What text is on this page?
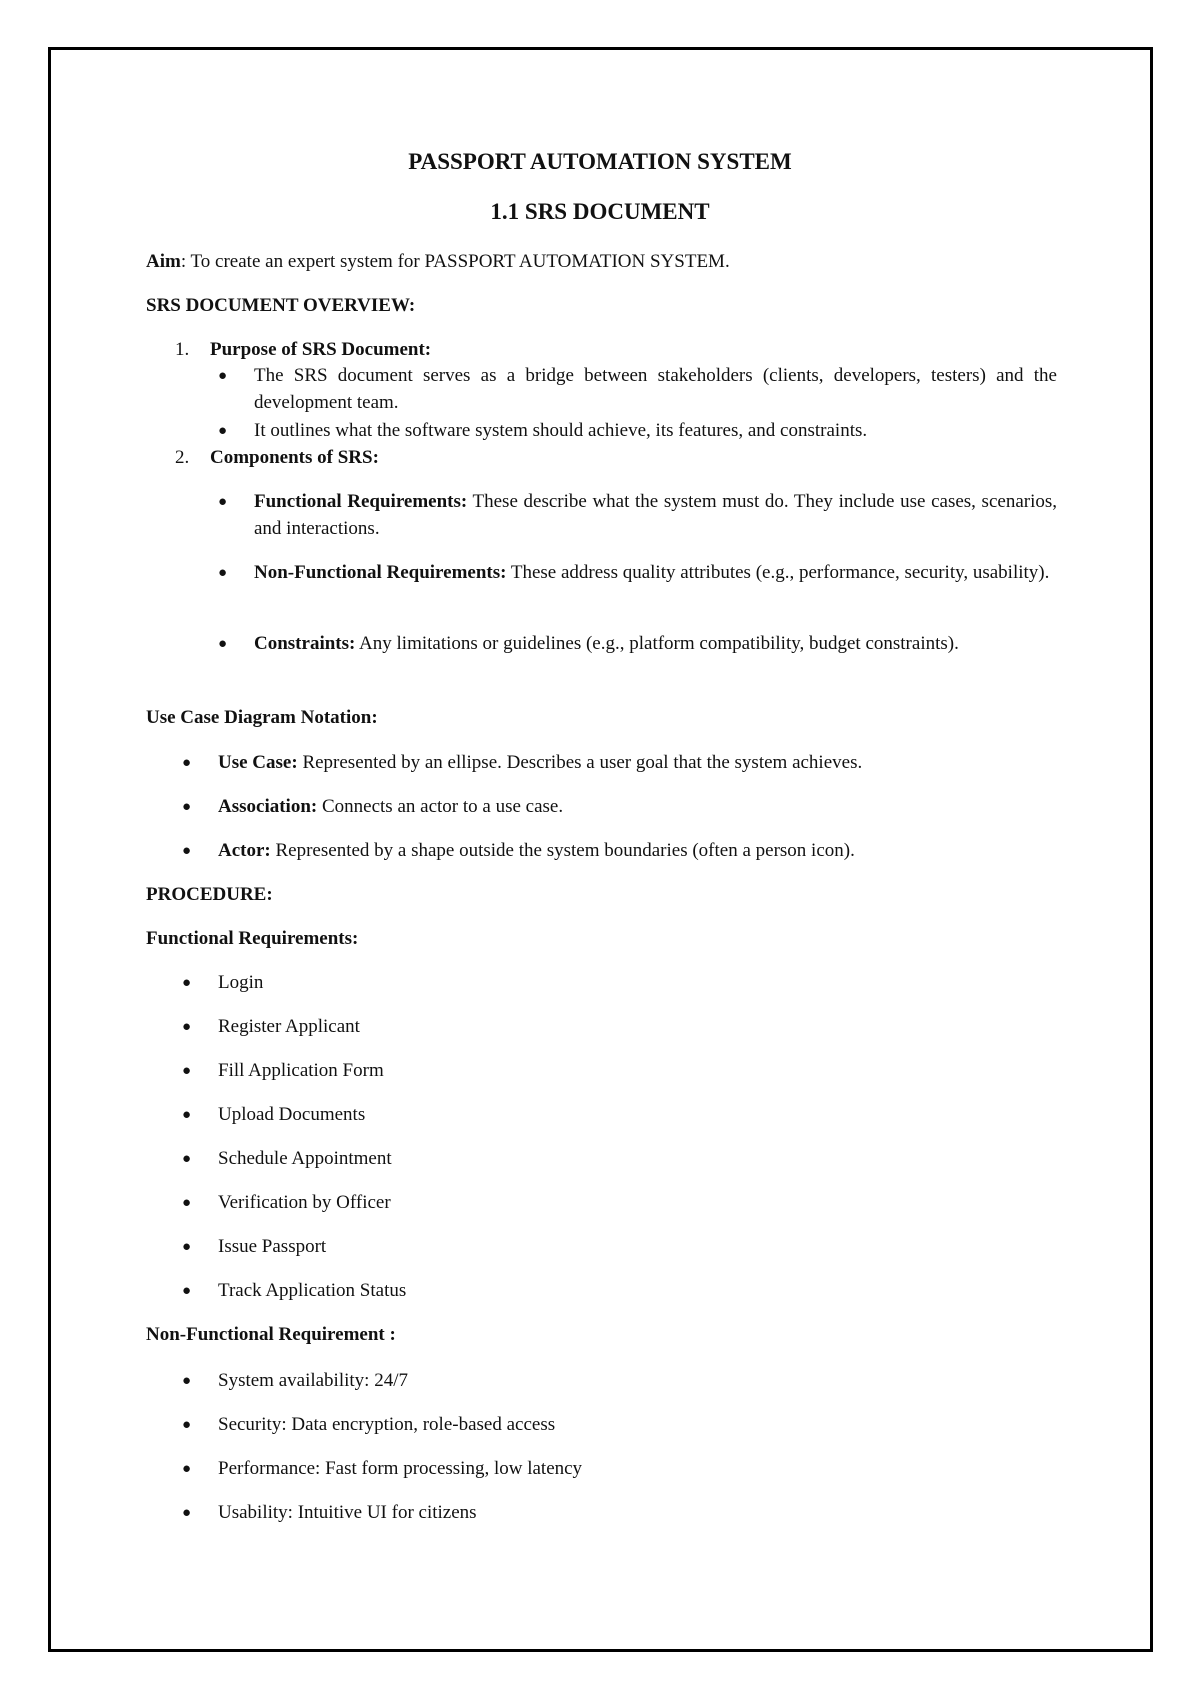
PASSPORT AUTOMATION SYSTEM
1.1 SRS DOCUMENT
Aim: To create an expert system for PASSPORT AUTOMATION SYSTEM.
SRS DOCUMENT OVERVIEW:
1. Purpose of SRS Document:
● The SRS document serves as a bridge between stakeholders (clients, developers, testers) and the development team.
● It outlines what the software system should achieve, its features, and constraints.
2. Components of SRS:
● Functional Requirements: These describe what the system must do. They include use cases, scenarios, and interactions.
● Non-Functional Requirements: These address quality attributes (e.g., performance, security, usability).
● Constraints: Any limitations or guidelines (e.g., platform compatibility, budget constraints).
Use Case Diagram Notation:
● Use Case: Represented by an ellipse. Describes a user goal that the system achieves.
● Association: Connects an actor to a use case.
● Actor: Represented by a shape outside the system boundaries (often a person icon).
PROCEDURE:
Functional Requirements:
● Login
● Register Applicant
● Fill Application Form
● Upload Documents
● Schedule Appointment
● Verification by Officer
● Issue Passport
● Track Application Status
Non-Functional Requirement :
● System availability: 24/7
● Security: Data encryption, role-based access
● Performance: Fast form processing, low latency
● Usability: Intuitive UI for citizens
